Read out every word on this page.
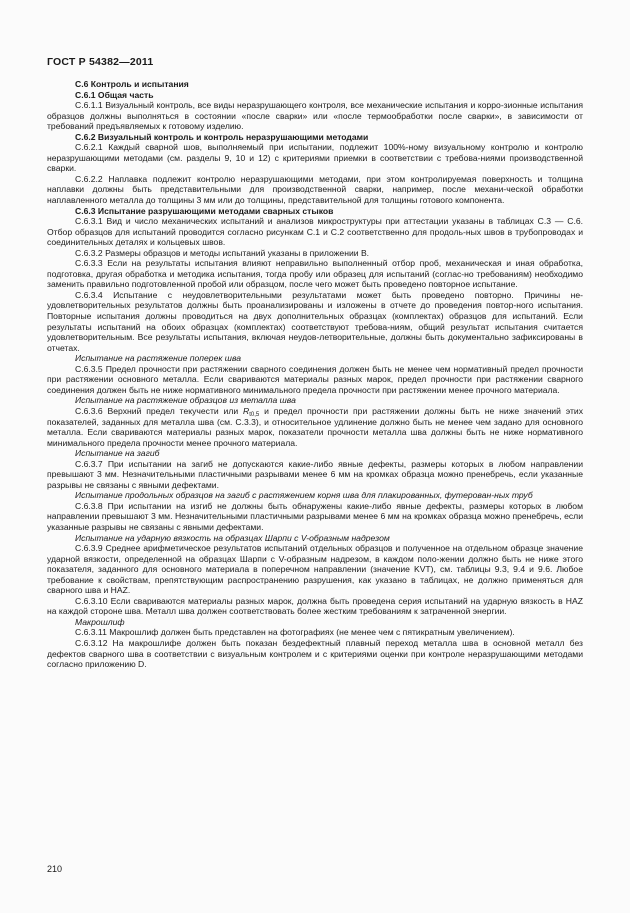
ГОСТ Р 54382—2011

С.6 Контроль и испытания

С.6.1 Общая часть

С.6.1.1 Визуальный контроль, все виды неразрушающего контроля, все механические испытания и корро-зионные испытания образцов должны выполняться в состоянии «после сварки» или «после термообработки после сварки», в зависимости от требований предъявляемых к готовому изделию.

С.6.2 Визуальный контроль и контроль неразрушающими методами

С.6.2.1 Каждый сварной шов, выполняемый при испытании, подлежит 100%-ному визуальному контролю и контролю неразрушающими методами (см. разделы 9, 10 и 12) с критериями приемки в соответствии с требова-ниями производственной сварки.

С.6.2.2 Наплавка подлежит контролю неразрушающими методами, при этом контролируемая поверхность и толщина наплавки должны быть представительными для производственной сварки, например, после механи-ческой обработки наплавленного металла до толщины 3 мм или до толщины, представительной для толщины готового компонента.

С.6.3 Испытание разрушающими методами сварных стыков

С.6.3.1 Вид и число механических испытаний и анализов микроструктуры при аттестации указаны в таблицах С.3 — С.6. Отбор образцов для испытаний проводится согласно рисункам С.1 и С.2 соответственно для продоль-ных швов в трубопроводах и соединительных деталях и кольцевых швов.

С.6.3.2 Размеры образцов и методы испытаний указаны в приложении В.

С.6.3.3 Если на результаты испытания влияют неправильно выполненный отбор проб, механическая и иная обработка, подготовка, другая обработка и методика испытания, тогда пробу или образец для испытаний (соглас-но требованиям) необходимо заменить правильно подготовленной пробой или образцом, после чего может быть проведено повторное испытание.

С.6.3.4 Испытание с неудовлетворительными результатами может быть проведено повторно. Причины не-удовлетворительных результатов должны быть проанализированы и изложены в отчете до проведения повтор-ного испытания. Повторные испытания должны проводиться на двух дополнительных образцах (комплектах) образцов для испытаний. Если результаты испытаний на обоих образцах (комплектах) соответствуют требова-ниям, общий результат испытания считается удовлетворительным. Все результаты испытания, включая неудов-летворительные, должны быть документально зафиксированы в отчетах.

Испытание на растяжение поперек шва

С.6.3.5 Предел прочности при растяжении сварного соединения должен быть не менее чем нормативный предел прочности при растяжении основного металла. Если свариваются материалы разных марок, предел прочности при растяжении сварного соединения должен быть не ниже нормативного минимального предела прочности при растяжении менее прочного материала.

Испытание на растяжение образцов из металла шва

С.6.3.6 Верхний предел текучести или $R_{t0,5}$ и предел прочности при растяжении должны быть не ниже значений этих показателей, заданных для металла шва (см. С.3.3), и относительное удлинение должно быть не менее чем задано для основного металла. Если свариваются материалы разных марок, показатели прочности металла шва должны быть не ниже нормативного минимального предела прочности менее прочного материала.

Испытание на загиб

С.6.3.7 При испытании на загиб не допускаются какие-либо явные дефекты, размеры которых в любом направлении превышают 3 мм. Незначительными пластичными разрывами менее 6 мм на кромках образца можно пренебречь, если указанные разрывы не связаны с явными дефектами.

Испытание продольных образцов на загиб с растяжением корня шва для плакированных, футерован-ных труб

С.6.3.8 При испытании на изгиб не должны быть обнаружены какие-либо явные дефекты, размеры которых в любом направлении превышают 3 мм. Незначительными пластичными разрывами менее 6 мм на кромках образца можно пренебречь, если указанные разрывы не связаны с явными дефектами.

Испытание на ударную вязкость на образцах Шарпи с V-образным надрезом

С.6.3.9 Среднее арифметическое результатов испытаний отдельных образцов и полученное на отдельном образце значение ударной вязкости, определенной на образцах Шарпи с V-образным надрезом, в каждом поло-жении должно быть не ниже этого показателя, заданного для основного материала в поперечном направлении (значение KVT), см. таблицы 9.3, 9.4 и 9.6. Любое требование к свойствам, препятствующим распространению разрушения, как указано в таблицах, не должно применяться для сварного шва и HAZ.

С.6.3.10 Если свариваются материалы разных марок, должна быть проведена серия испытаний на ударную вязкость в HAZ на каждой стороне шва. Металл шва должен соответствовать более жестким требованиям к затраченной энергии.

Макрошлиф

С.6.3.11 Макрошлиф должен быть представлен на фотографиях (не менее чем с пятикратным увеличением).

С.6.3.12 На макрошлифе должен быть показан бездефектный плавный переход металла шва в основной металл без дефектов сварного шва в соответствии с визуальным контролем и с критериями оценки при контроле неразрушающими методами согласно приложению D.

210
